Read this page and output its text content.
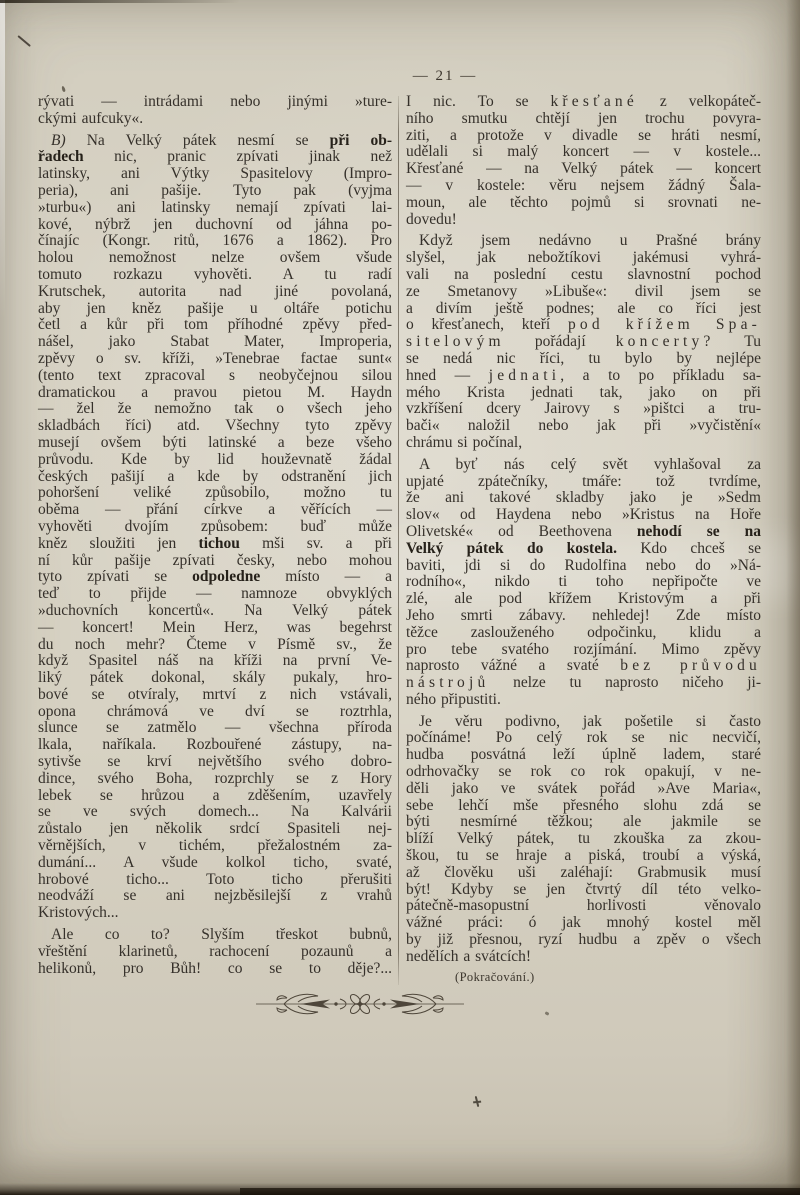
— 21 —
rývati — intrádami nebo jinými »ture-
ckými aufcuky«.
B) Na Velký pátek nesmí se při ob-
řadech nic, pranic zpívati jinak než
latinsky, ani Výtky Spasitelovy (Impro-
peria), ani pašije. Tyto pak (vyjma
»turbu«) ani latinsky nemají zpívati lai-
kové, nýbrž jen duchovní od jáhna po-
čínajíc (Kongr. ritů, 1676 a 1862). Pro
holou nemožnost nelze ovšem všude
tomuto rozkazu vyhověti. A tu radí
Krutschek, autorita nad jiné povolaná,
aby jen kněz pašije u oltáře potichu
četl a kůr při tom příhodné zpěvy před-
nášel, jako Stabat Mater, Improperia,
zpěvy o sv. kříži, »Tenebrae factae sunt«
(tento text zpracoval s neobyčejnou silou
dramatickou a pravou pietou M. Haydn
— žel že nemožno tak o všech jeho
skladbách říci) atd. Všechny tyto zpěvy
musejí ovšem býti latinské a beze všeho
průvodu. Kde by lid houževnatě žádal
českých pašijí a kde by odstranění jich
pohoršení veliké způsobilo, možno tu
oběma — přání církve a věřících —
vyhověti dvojím způsobem: buď může
kněz sloužiti jen tichou mši sv. a při
ní kůr pašije zpívati česky, nebo mohou
tyto zpívati se odpoledne místo — a
teď to přijde — namnoze obvyklých
»duchovních koncertů«. Na Velký pátek
— koncert! Mein Herz, was begehrst
du noch mehr? Čteme v Písmě sv., že
když Spasitel náš na kříži na první Ve-
liký pátek dokonal, skály pukaly, hro-
bové se otvíraly, mrtví z nich vstávali,
opona chrámová ve dví se roztrhla,
slunce se zatmělo — všechna příroda
lkala, naříkala. Rozbouřené zástupy, na-
sytivše se krví největšího svého dobro-
dince, svého Boha, rozprchly se z Hory
lebek se hrůzou a zděšením, uzavřely
se ve svých domech... Na Kalvárii
zůstalo jen několik srdcí Spasiteli nej-
věrnějších, v tichém, přežalostném za-
dumání... A všude kolkol ticho, svaté,
hrobové ticho... Toto ticho přerušiti
neodváží se ani nejzběsilejší z vrahů
Kristových...
Ale co to? Slyším třeskot bubnů,
vřeštění klarinetů, rachocení pozaunů a
helikonů, pro Bůh! co se to děje?...
I nic. To se křesťané z velkopáteč-
ního smutku chtějí jen trochu povyra-
ziti, a protože v divadle se hráti nesmí,
udělali si malý koncert — v kostele...
Křesťané — na Velký pátek — koncert
— v kostele: věru nejsem žádný Šala-
moun, ale těchto pojmů si srovnati ne-
dovedu!
Když jsem nedávno u Prašné brány
slyšel, jak nebožtíkovi jakémusi vyhrá-
vali na poslední cestu slavnostní pochod
ze Smetanovy »Libuše«: divil jsem se
a divím ještě podnes; ale co říci jest
o křesťanech, kteří pod křížem Spa-
sitelovým pořádají koncerty? Tu
se nedá nic říci, tu bylo by nejlépe
hned — jednati, a to po příkladu sa-
mého Krista jednati tak, jako on při
vzkříšení dcery Jairovy s »pištci a tru-
bači« naložil nebo jak při »vyčistění«
chrámu si počínal,
A byť nás celý svět vyhlašoval za
upjaté zpátečníky, tmáře: tož tvrdíme,
že ani takové skladby jako je »Sedm
slov« od Haydena nebo »Kristus na Hoře
Olivetské« od Beethovena nehodí se na
Velký pátek do kostela. Kdo chceš se
baviti, jdi si do Rudolfina nebo do »Ná-
rodního«, nikdo ti toho nepřipočte ve
zlé, ale pod křížem Kristovým a při
Jeho smrti zábavy. nehledej! Zde místo
těžce zaslouženého odpočinku, klidu a
pro tebe svatého rozjímání. Mimo zpěvy
naprosto vážné a svaté bez průvodu
nástrojů nelze tu naprosto ničeho ji-
ného připustiti.
Je věru podivno, jak pošetile si často
počínáme! Po celý rok se nic necvičí,
hudba posvátná leží úplně ladem, staré
odrhovačky se rok co rok opakují, v ne-
děli jako ve svátek pořád »Ave Maria«,
sebe lehčí mše přesného slohu zdá se
býti nesmírné těžkou; ale jakmile se
blíží Velký pátek, tu zkouška za zkou-
škou, tu se hraje a piská, troubí a výská,
až člověku uši zaléhají: Grabmusik musí
být! Kdyby se jen čtvrtý díl této velko-
pátečně-masopustní horlivosti věnovalo
vážné práci: ó jak mnohý kostel měl
by již přesnou, ryzí hudbu a zpěv o všech
nedělích a svátcích!
(Pokračování.)
